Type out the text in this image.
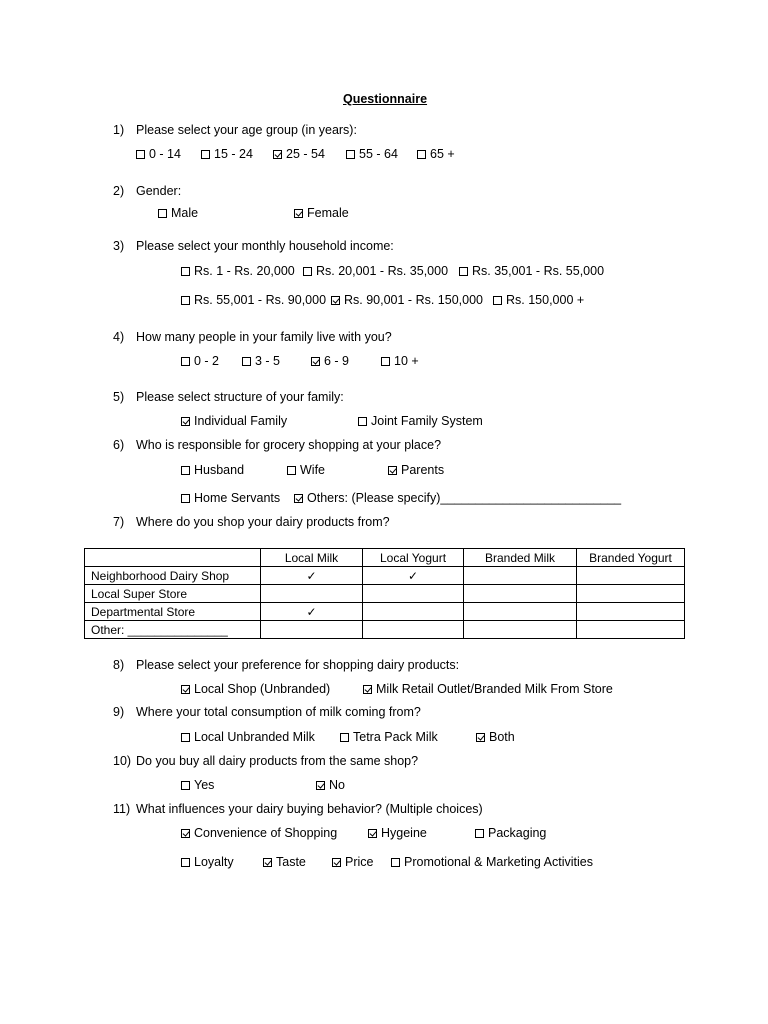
Questionnaire
1) Please select your age group (in years):
0 - 14	15 - 24	25 - 54	55 - 64	65 +
2) Gender:
Male	Female
3) Please select your monthly household income:
Rs. 1 - Rs. 20,000 Rs. 20,001 - Rs. 35,000 Rs. 35,001 - Rs. 55,000
Rs. 55,001 - Rs. 90,000 Rs. 90,001 - Rs. 150,000 Rs. 150,000 +
4) How many people in your family live with you?
0 - 2	3 - 5	6 - 9	10 +
5) Please select structure of your family:
Individual Family	Joint Family System
6) Who is responsible for grocery shopping at your place?
Husband	Wife	Parents
Home Servants Others: (Please specify)__________________________
7) Where do you shop your dairy products from?
8) Please select your preference for shopping dairy products:
Local Shop (Unbranded)	Milk Retail Outlet/Branded Milk From Store
9) Where your total consumption of milk coming from?
Local Unbranded Milk	Tetra Pack Milk	Both
10) Do you buy all dairy products from the same shop?
Yes	No
11) What influences your dairy buying behavior? (Multiple choices)
Convenience of Shopping	Hygeine	Packaging
Loyalty	Taste	Price Promotional & Marketing Activities
	Local Milk	Local Yogurt	Branded Milk	Branded Yogurt
Neighborhood Dairy Shop	✓	✓		
Local Super Store				
Departmental Store	✓			
Other: _______________				
